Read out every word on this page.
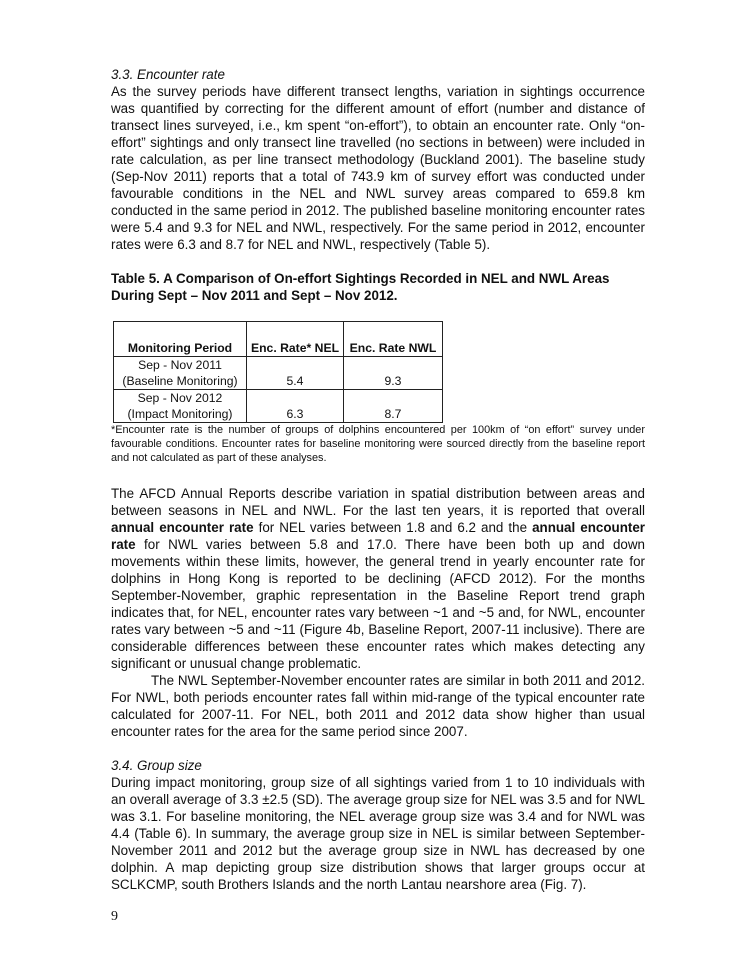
3.3. Encounter rate

As the survey periods have different transect lengths, variation in sightings occurrence was quantified by correcting for the different amount of effort (number and distance of transect lines surveyed, i.e., km spent “on-effort”), to obtain an encounter rate. Only “on-effort” sightings and only transect line travelled (no sections in between) were included in rate calculation, as per line transect methodology (Buckland 2001). The baseline study (Sep-Nov 2011) reports that a total of 743.9 km of survey effort was conducted under favourable conditions in the NEL and NWL survey areas compared to 659.8 km conducted in the same period in 2012. The published baseline monitoring encounter rates were 5.4 and 9.3 for NEL and NWL, respectively. For the same period in 2012, encounter rates were 6.3 and 8.7 for NEL and NWL, respectively (Table 5).

Table 5. A Comparison of On-effort Sightings Recorded in NEL and NWL Areas During Sept – Nov 2011 and Sept – Nov 2012.

Monitoring Period	Enc. Rate* NEL	Enc. Rate NWL
Sep - Nov 2011		
(Baseline Monitoring)	5.4	9.3
Sep - Nov 2012		
(Impact Monitoring)	6.3	8.7

*Encounter rate is the number of groups of dolphins encountered per 100km of “on effort” survey under favourable conditions. Encounter rates for baseline monitoring were sourced directly from the baseline report and not calculated as part of these analyses.

The AFCD Annual Reports describe variation in spatial distribution between areas and between seasons in NEL and NWL. For the last ten years, it is reported that overall annual encounter rate for NEL varies between 1.8 and 6.2 and the annual encounter rate for NWL varies between 5.8 and 17.0. There have been both up and down movements within these limits, however, the general trend in yearly encounter rate for dolphins in Hong Kong is reported to be declining (AFCD 2012). For the months September-November, graphic representation in the Baseline Report trend graph indicates that, for NEL, encounter rates vary between ~1 and ~5 and, for NWL, encounter rates vary between ~5 and ~11 (Figure 4b, Baseline Report, 2007-11 inclusive). There are considerable differences between these encounter rates which makes detecting any significant or unusual change problematic.

The NWL September-November encounter rates are similar in both 2011 and 2012. For NWL, both periods encounter rates fall within mid-range of the typical encounter rate calculated for 2007-11. For NEL, both 2011 and 2012 data show higher than usual encounter rates for the area for the same period since 2007.

3.4. Group size

During impact monitoring, group size of all sightings varied from 1 to 10 individuals with an overall average of 3.3 ±2.5 (SD). The average group size for NEL was 3.5 and for NWL was 3.1. For baseline monitoring, the NEL average group size was 3.4 and for NWL was 4.4 (Table 6). In summary, the average group size in NEL is similar between September-November 2011 and 2012 but the average group size in NWL has decreased by one dolphin. A map depicting group size distribution shows that larger groups occur at SCLKCMP, south Brothers Islands and the north Lantau nearshore area (Fig. 7).

9
